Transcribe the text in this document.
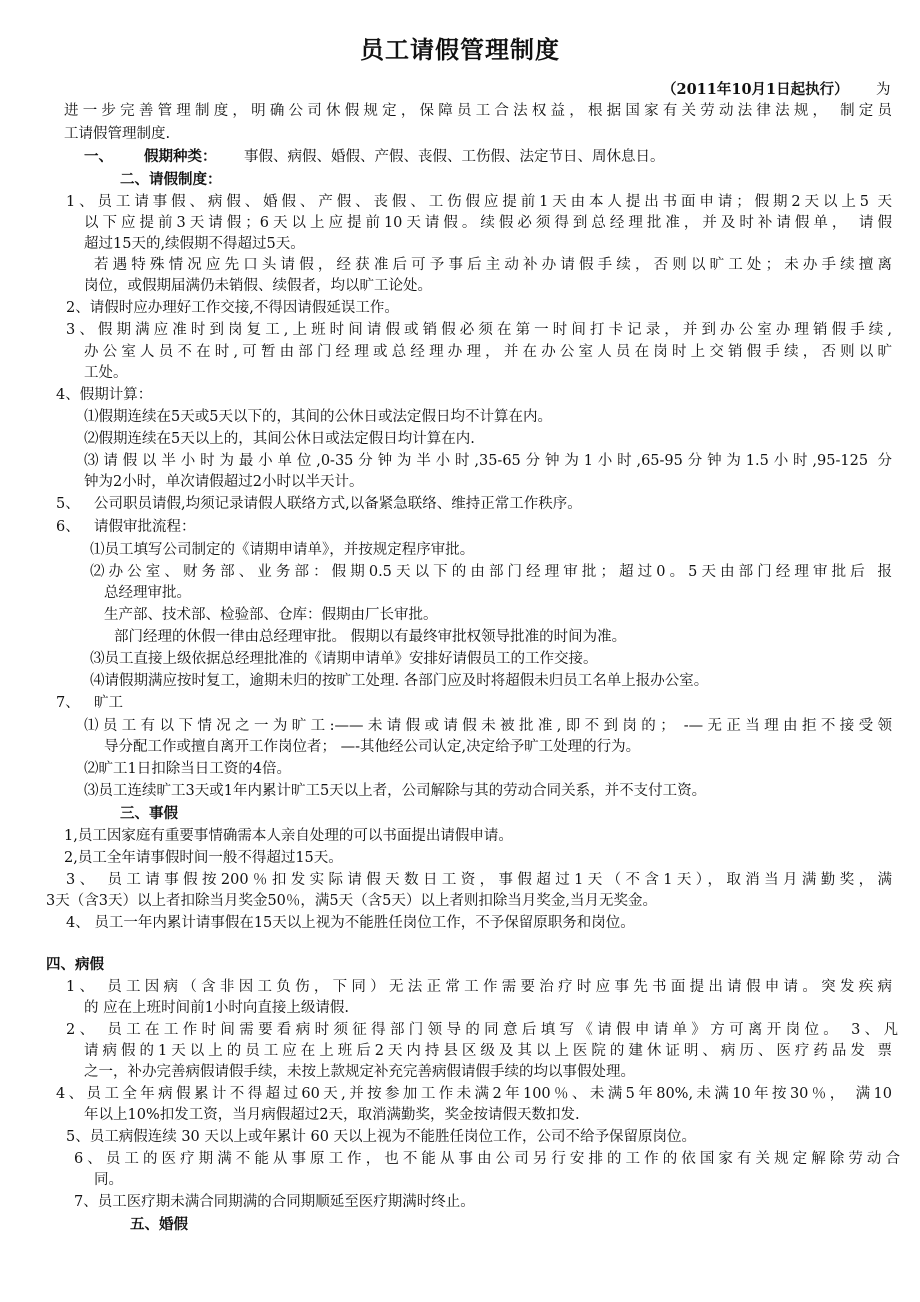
员工请假管理制度
（2011年10月1日起执行） 为
进一步完善管理制度，明确公司休假规定，保障员工合法权益，根据国家有关劳动法律法规， 制定员
工请假管理制度.
一、 假期种类： 事假、病假、婚假、产假、丧假、工伤假、法定节日、周休息日。
二、请假制度：
1、员工请事假、病假、婚假、产假、丧假、工伤假应提前1天由本人提出书面申请；假期2天以上5 天
以下应提前3天请假；6天以上应提前10天请假。续假必须得到总经理批准，并及时补请假单， 请假
超过15天的,续假期不得超过5天。
若遇特殊情况应先口头请假，经获准后可予事后主动补办请假手续，否则以旷工处；未办手续擅离
岗位，或假期届满仍未销假、续假者，均以旷工论处。
2、请假时应办理好工作交接,不得因请假延误工作。
3、假期满应准时到岗复工,上班时间请假或销假必须在第一时间打卡记录，并到办公室办理销假手续,
办公室人员不在时,可暂由部门经理或总经理办理，并在办公室人员在岗时上交销假手续，否则以旷
工处。
4、假期计算：
⑴假期连续在5天或5天以下的，其间的公休日或法定假日均不计算在内。
⑵假期连续在5天以上的，其间公休日或法定假日均计算在内.
⑶请假以半小时为最小单位,0-35分钟为半小时,35-65分钟为1小时,65-95分钟为1.5小时,95-125 分
钟为2小时，单次请假超过2小时以半天计。
5、 公司职员请假,均须记录请假人联络方式,以备紧急联络、维持正常工作秩序。
6、 请假审批流程：
⑴员工填写公司制定的《请期申请单》，并按规定程序审批。
⑵办公室、财务部、业务部：假期0.5天以下的由部门经理审批；超过0。5天由部门经理审批后 报
总经理审批。
生产部、技术部、检验部、仓库：假期由厂长审批。
部门经理的休假一律由总经理审批。 假期以有最终审批权领导批准的时间为准。
⑶员工直接上级依据总经理批准的《请期申请单》安排好请假员工的工作交接。
⑷请假期满应按时复工，逾期未归的按旷工处理. 各部门应及时将超假未归员工名单上报办公室。
7、 旷工
⑴员工有以下情况之一为旷工:——未请假或请假未被批准,即不到岗的； -—无正当理由拒不接受领
导分配工作或擅自离开工作岗位者； —-其他经公司认定,决定给予旷工处理的行为。
⑵旷工1日扣除当日工资的4倍。
⑶员工连续旷工3天或1年内累计旷工5天以上者，公司解除与其的劳动合同关系，并不支付工资。
三、事假
1,员工因家庭有重要事情确需本人亲自处理的可以书面提出请假申请。
2,员工全年请事假时间一般不得超过15天。
3、 员工请事假按200％扣发实际请假天数日工资，事假超过1天（不含1天），取消当月满勤奖，满
3天（含3天）以上者扣除当月奖金50％，满5天（含5天）以上者则扣除当月奖金,当月无奖金。
4、 员工一年内累计请事假在15天以上视为不能胜任岗位工作，不予保留原职务和岗位。
四、病假
1、 员工因病（含非因工负伤，下同）无法正常工作需要治疗时应事先书面提出请假申请。突发疾病
的 应在上班时间前1小时向直接上级请假.
2、 员工在工作时间需要看病时须征得部门领导的同意后填写《请假申请单》方可离开岗位。 3、凡
请病假的1天以上的员工应在上班后2天内持县区级及其以上医院的建休证明、病历、医疗药品发 票
之一，补办完善病假请假手续，未按上款规定补充完善病假请假手续的均以事假处理。
4、员工全年病假累计不得超过60天,并按参加工作未满2年100％、未满5年80%,未满10年按30％， 满10
年以上10%扣发工资，当月病假超过2天，取消满勤奖，奖金按请假天数扣发.
5、员工病假连续 30 天以上或年累计 60 天以上视为不能胜任岗位工作，公司不给予保留原岗位。
6、员工的医疗期满不能从事原工作，也不能从事由公司另行安排的工作的依国家有关规定解除劳动合
同。
7、员工医疗期未满合同期满的合同期顺延至医疗期满时终止。
五、婚假
